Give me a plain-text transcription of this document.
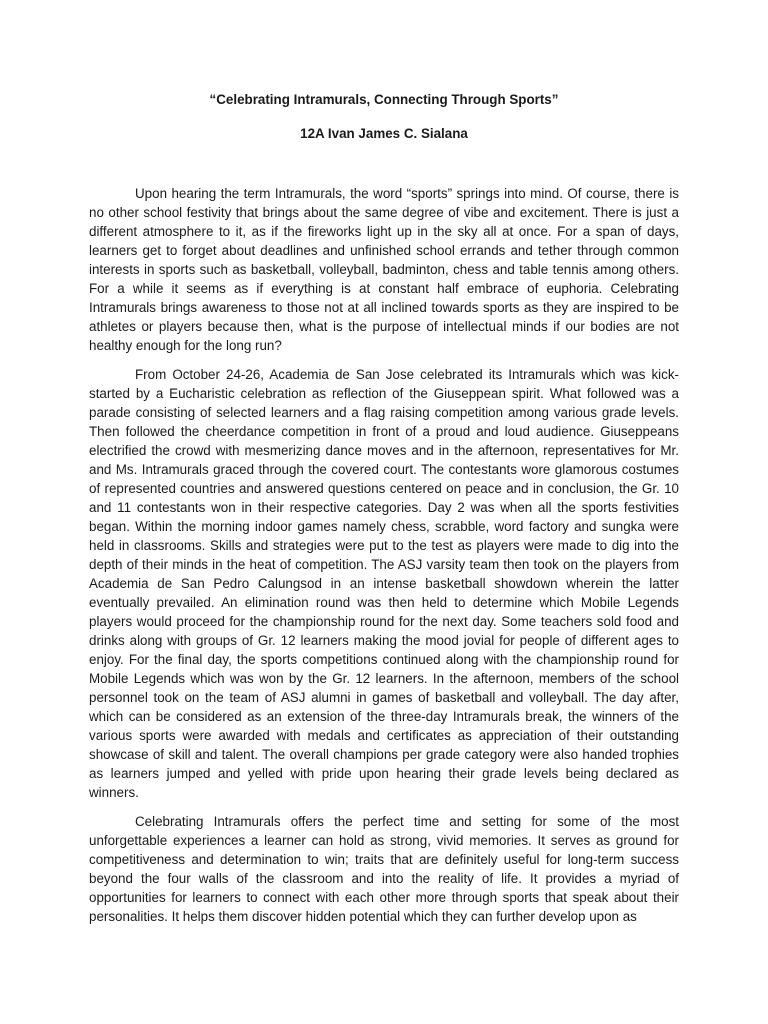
“Celebrating Intramurals, Connecting Through Sports”

12A Ivan James C. Sialana

Upon hearing the term Intramurals, the word “sports” springs into mind. Of course, there is no other school festivity that brings about the same degree of vibe and excitement. There is just a different atmosphere to it, as if the fireworks light up in the sky all at once. For a span of days, learners get to forget about deadlines and unfinished school errands and tether through common interests in sports such as basketball, volleyball, badminton, chess and table tennis among others. For a while it seems as if everything is at constant half embrace of euphoria. Celebrating Intramurals brings awareness to those not at all inclined towards sports as they are inspired to be athletes or players because then, what is the purpose of intellectual minds if our bodies are not healthy enough for the long run?

From October 24-26, Academia de San Jose celebrated its Intramurals which was kick-started by a Eucharistic celebration as reflection of the Giuseppean spirit. What followed was a parade consisting of selected learners and a flag raising competition among various grade levels. Then followed the cheerdance competition in front of a proud and loud audience. Giuseppeans electrified the crowd with mesmerizing dance moves and in the afternoon, representatives for Mr. and Ms. Intramurals graced through the covered court. The contestants wore glamorous costumes of represented countries and answered questions centered on peace and in conclusion, the Gr. 10 and 11 contestants won in their respective categories. Day 2 was when all the sports festivities began. Within the morning indoor games namely chess, scrabble, word factory and sungka were held in classrooms. Skills and strategies were put to the test as players were made to dig into the depth of their minds in the heat of competition. The ASJ varsity team then took on the players from Academia de San Pedro Calungsod in an intense basketball showdown wherein the latter eventually prevailed. An elimination round was then held to determine which Mobile Legends players would proceed for the championship round for the next day. Some teachers sold food and drinks along with groups of Gr. 12 learners making the mood jovial for people of different ages to enjoy. For the final day, the sports competitions continued along with the championship round for Mobile Legends which was won by the Gr. 12 learners. In the afternoon, members of the school personnel took on the team of ASJ alumni in games of basketball and volleyball. The day after, which can be considered as an extension of the three-day Intramurals break, the winners of the various sports were awarded with medals and certificates as appreciation of their outstanding showcase of skill and talent. The overall champions per grade category were also handed trophies as learners jumped and yelled with pride upon hearing their grade levels being declared as winners.

Celebrating Intramurals offers the perfect time and setting for some of the most unforgettable experiences a learner can hold as strong, vivid memories. It serves as ground for competitiveness and determination to win; traits that are definitely useful for long-term success beyond the four walls of the classroom and into the reality of life. It provides a myriad of opportunities for learners to connect with each other more through sports that speak about their personalities. It helps them discover hidden potential which they can further develop upon as
